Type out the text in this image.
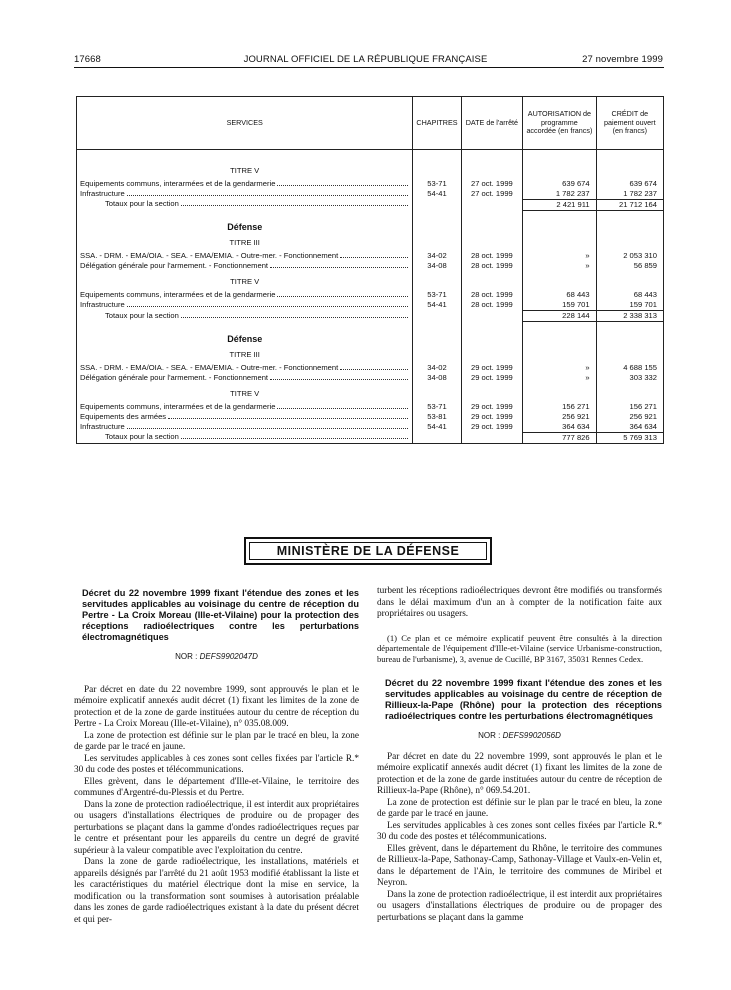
17668	JOURNAL OFFICIEL DE LA RÉPUBLIQUE FRANÇAISE	27 novembre 1999
SERVICES	CHAPITRES	DATE de l'arrêté	AUTORISATION de programme accordée (en francs)	CRÉDIT de paiement ouvert (en francs)

TITRE V				

Equipements communs, interarmées et de la gendarmerie	53-71	27 oct. 1999	639 674	639 674

Infrastructure	54-41	27 oct. 1999	1 782 237	1 782 237

Totaux pour la section			2 421 911	21 712 164

Défense				
TITRE III				

SSA. - DRM. - EMA/OIA. - SEA. - EMA/EMIA. - Outre-mer. - Fonctionnement	34-02	28 oct. 1999	»	2 053 310

Délégation générale pour l'armement. - Fonctionnement	34-08	28 oct. 1999	»	56 859
TITRE V				

Equipements communs, interarmées et de la gendarmerie	53-71	28 oct. 1999	68 443	68 443

Infrastructure	54-41	28 oct. 1999	159 701	159 701

Totaux pour la section			228 144	2 338 313

Défense				
TITRE III				

SSA. - DRM. - EMA/OIA. - SEA. - EMA/EMIA. - Outre-mer. - Fonctionnement	34-02	29 oct. 1999	»	4 688 155

Délégation générale pour l'armement. - Fonctionnement	34-08	29 oct. 1999	»	303 332
TITRE V				

Equipements communs, interarmées et de la gendarmerie	53-71	29 oct. 1999	156 271	156 271

Equipements des armées	53-81	29 oct. 1999	256 921	256 921

Infrastructure	54-41	29 oct. 1999	364 634	364 634

Totaux pour la section			777 826	5 769 313
MINISTÈRE DE LA DÉFENSE

Décret du 22 novembre 1999 fixant l'étendue des zones et les servitudes applicables au voisinage du centre de réception du Pertre - La Croix Moreau (Ille-et-Vilaine) pour la protection des réceptions radioélectriques contre les perturbations électromagnétiques

NOR : DEFS9902047D

Par décret en date du 22 novembre 1999, sont approuvés le plan et le mémoire explicatif annexés audit décret (1) fixant les limites de la zone de protection et de la zone de garde instituées autour du centre de réception du Pertre - La Croix Moreau (Ille-et-Vilaine), n° 035.08.009.

La zone de protection est définie sur le plan par le tracé en bleu, la zone de garde par le tracé en jaune.

Les servitudes applicables à ces zones sont celles fixées par l'article R.* 30 du code des postes et télécommunications.

Elles grèvent, dans le département d'Ille-et-Vilaine, le territoire des communes d'Argentré-du-Plessis et du Pertre.

Dans la zone de protection radioélectrique, il est interdit aux propriétaires ou usagers d'installations électriques de produire ou de propager des perturbations se plaçant dans la gamme d'ondes radioélectriques reçues par le centre et présentant pour les appareils du centre un degré de gravité supérieur à la valeur compatible avec l'exploitation du centre.

Dans la zone de garde radioélectrique, les installations, matériels et appareils désignés par l'arrêté du 21 août 1953 modifié établissant la liste et les caractéristiques du matériel électrique dont la mise en service, la modification ou la transformation sont soumises à autorisation préalable dans les zones de garde radioélectriques existant à la date du présent décret et qui per-

turbent les réceptions radioélectriques devront être modifiés ou transformés dans le délai maximum d'un an à compter de la notification faite aux propriétaires ou usagers.

(1) Ce plan et ce mémoire explicatif peuvent être consultés à la direction départementale de l'équipement d'Ille-et-Vilaine (service Urbanisme-construction, bureau de l'urbanisme), 3, avenue de Cucillé, BP 3167, 35031 Rennes Cedex.

Décret du 22 novembre 1999 fixant l'étendue des zones et les servitudes applicables au voisinage du centre de réception de Rillieux-la-Pape (Rhône) pour la protection des réceptions radioélectriques contre les perturbations électromagnétiques

NOR : DEFS9902056D

Par décret en date du 22 novembre 1999, sont approuvés le plan et le mémoire explicatif annexés audit décret (1) fixant les limites de la zone de protection et de la zone de garde instituées autour du centre de réception de Rillieux-la-Pape (Rhône), n° 069.54.201.

La zone de protection est définie sur le plan par le tracé en bleu, la zone de garde par le tracé en jaune.

Les servitudes applicables à ces zones sont celles fixées par l'article R.* 30 du code des postes et télécommunications.

Elles grèvent, dans le département du Rhône, le territoire des communes de Rillieux-la-Pape, Sathonay-Camp, Sathonay-Village et Vaulx-en-Velin et, dans le département de l'Ain, le territoire des communes de Miribel et Neyron.

Dans la zone de protection radioélectrique, il est interdit aux propriétaires ou usagers d'installations électriques de produire ou de propager des perturbations se plaçant dans la gamme
